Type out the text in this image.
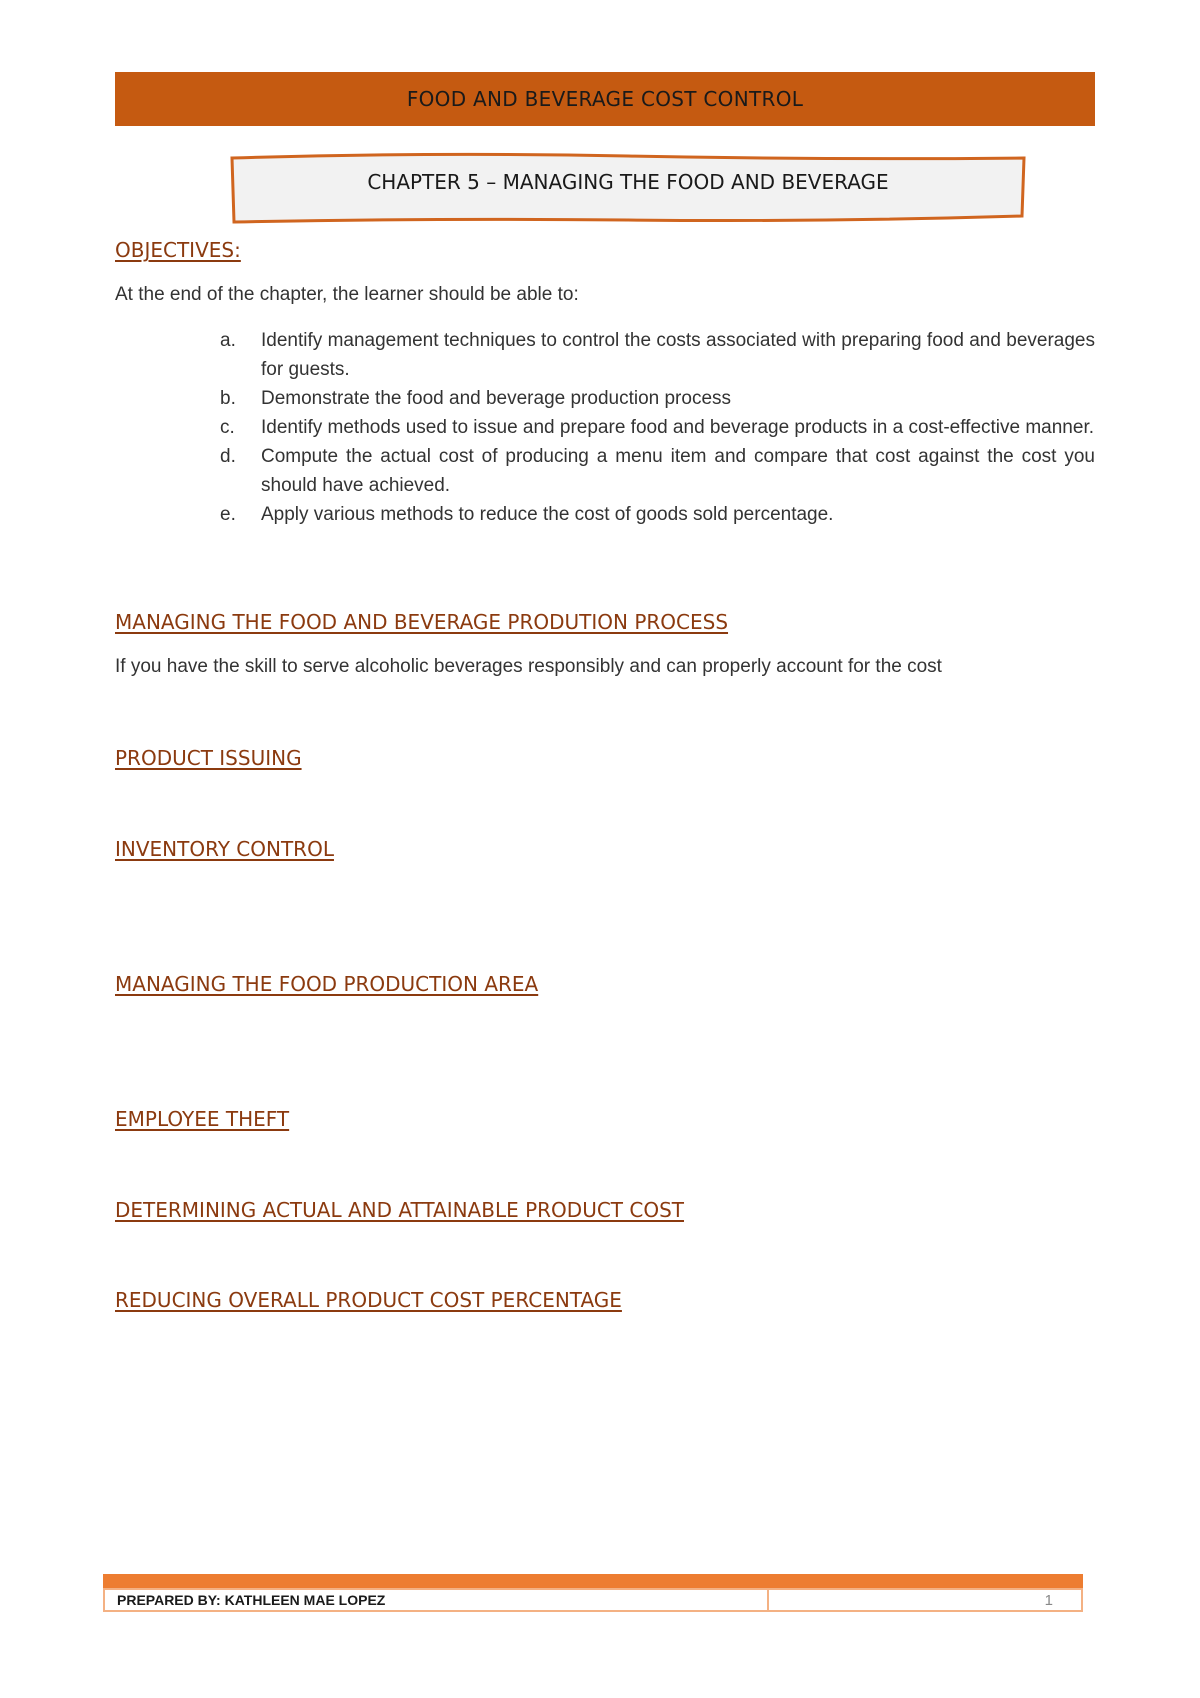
FOOD AND BEVERAGE COST CONTROL
CHAPTER 5 – MANAGING THE FOOD AND BEVERAGE
OBJECTIVES:
At the end of the chapter, the learner should be able to:
a.	Identify management techniques to control the costs associated with preparing food and beverages for guests.
b.	Demonstrate the food and beverage production process
c.	Identify methods used to issue and prepare food and beverage products in a cost-effective manner.
d.	Compute the actual cost of producing a menu item and compare that cost against the cost you should have achieved.
e.	Apply various methods to reduce the cost of goods sold percentage.
MANAGING THE FOOD AND BEVERAGE PRODUTION PROCESS
If you have the skill to serve alcoholic beverages responsibly and can properly account for the cost
PRODUCT ISSUING
INVENTORY CONTROL
MANAGING THE FOOD PRODUCTION AREA
EMPLOYEE THEFT
DETERMINING ACTUAL AND ATTAINABLE PRODUCT COST
REDUCING OVERALL PRODUCT COST PERCENTAGE
PREPARED BY: KATHLEEN MAE LOPEZ	1
